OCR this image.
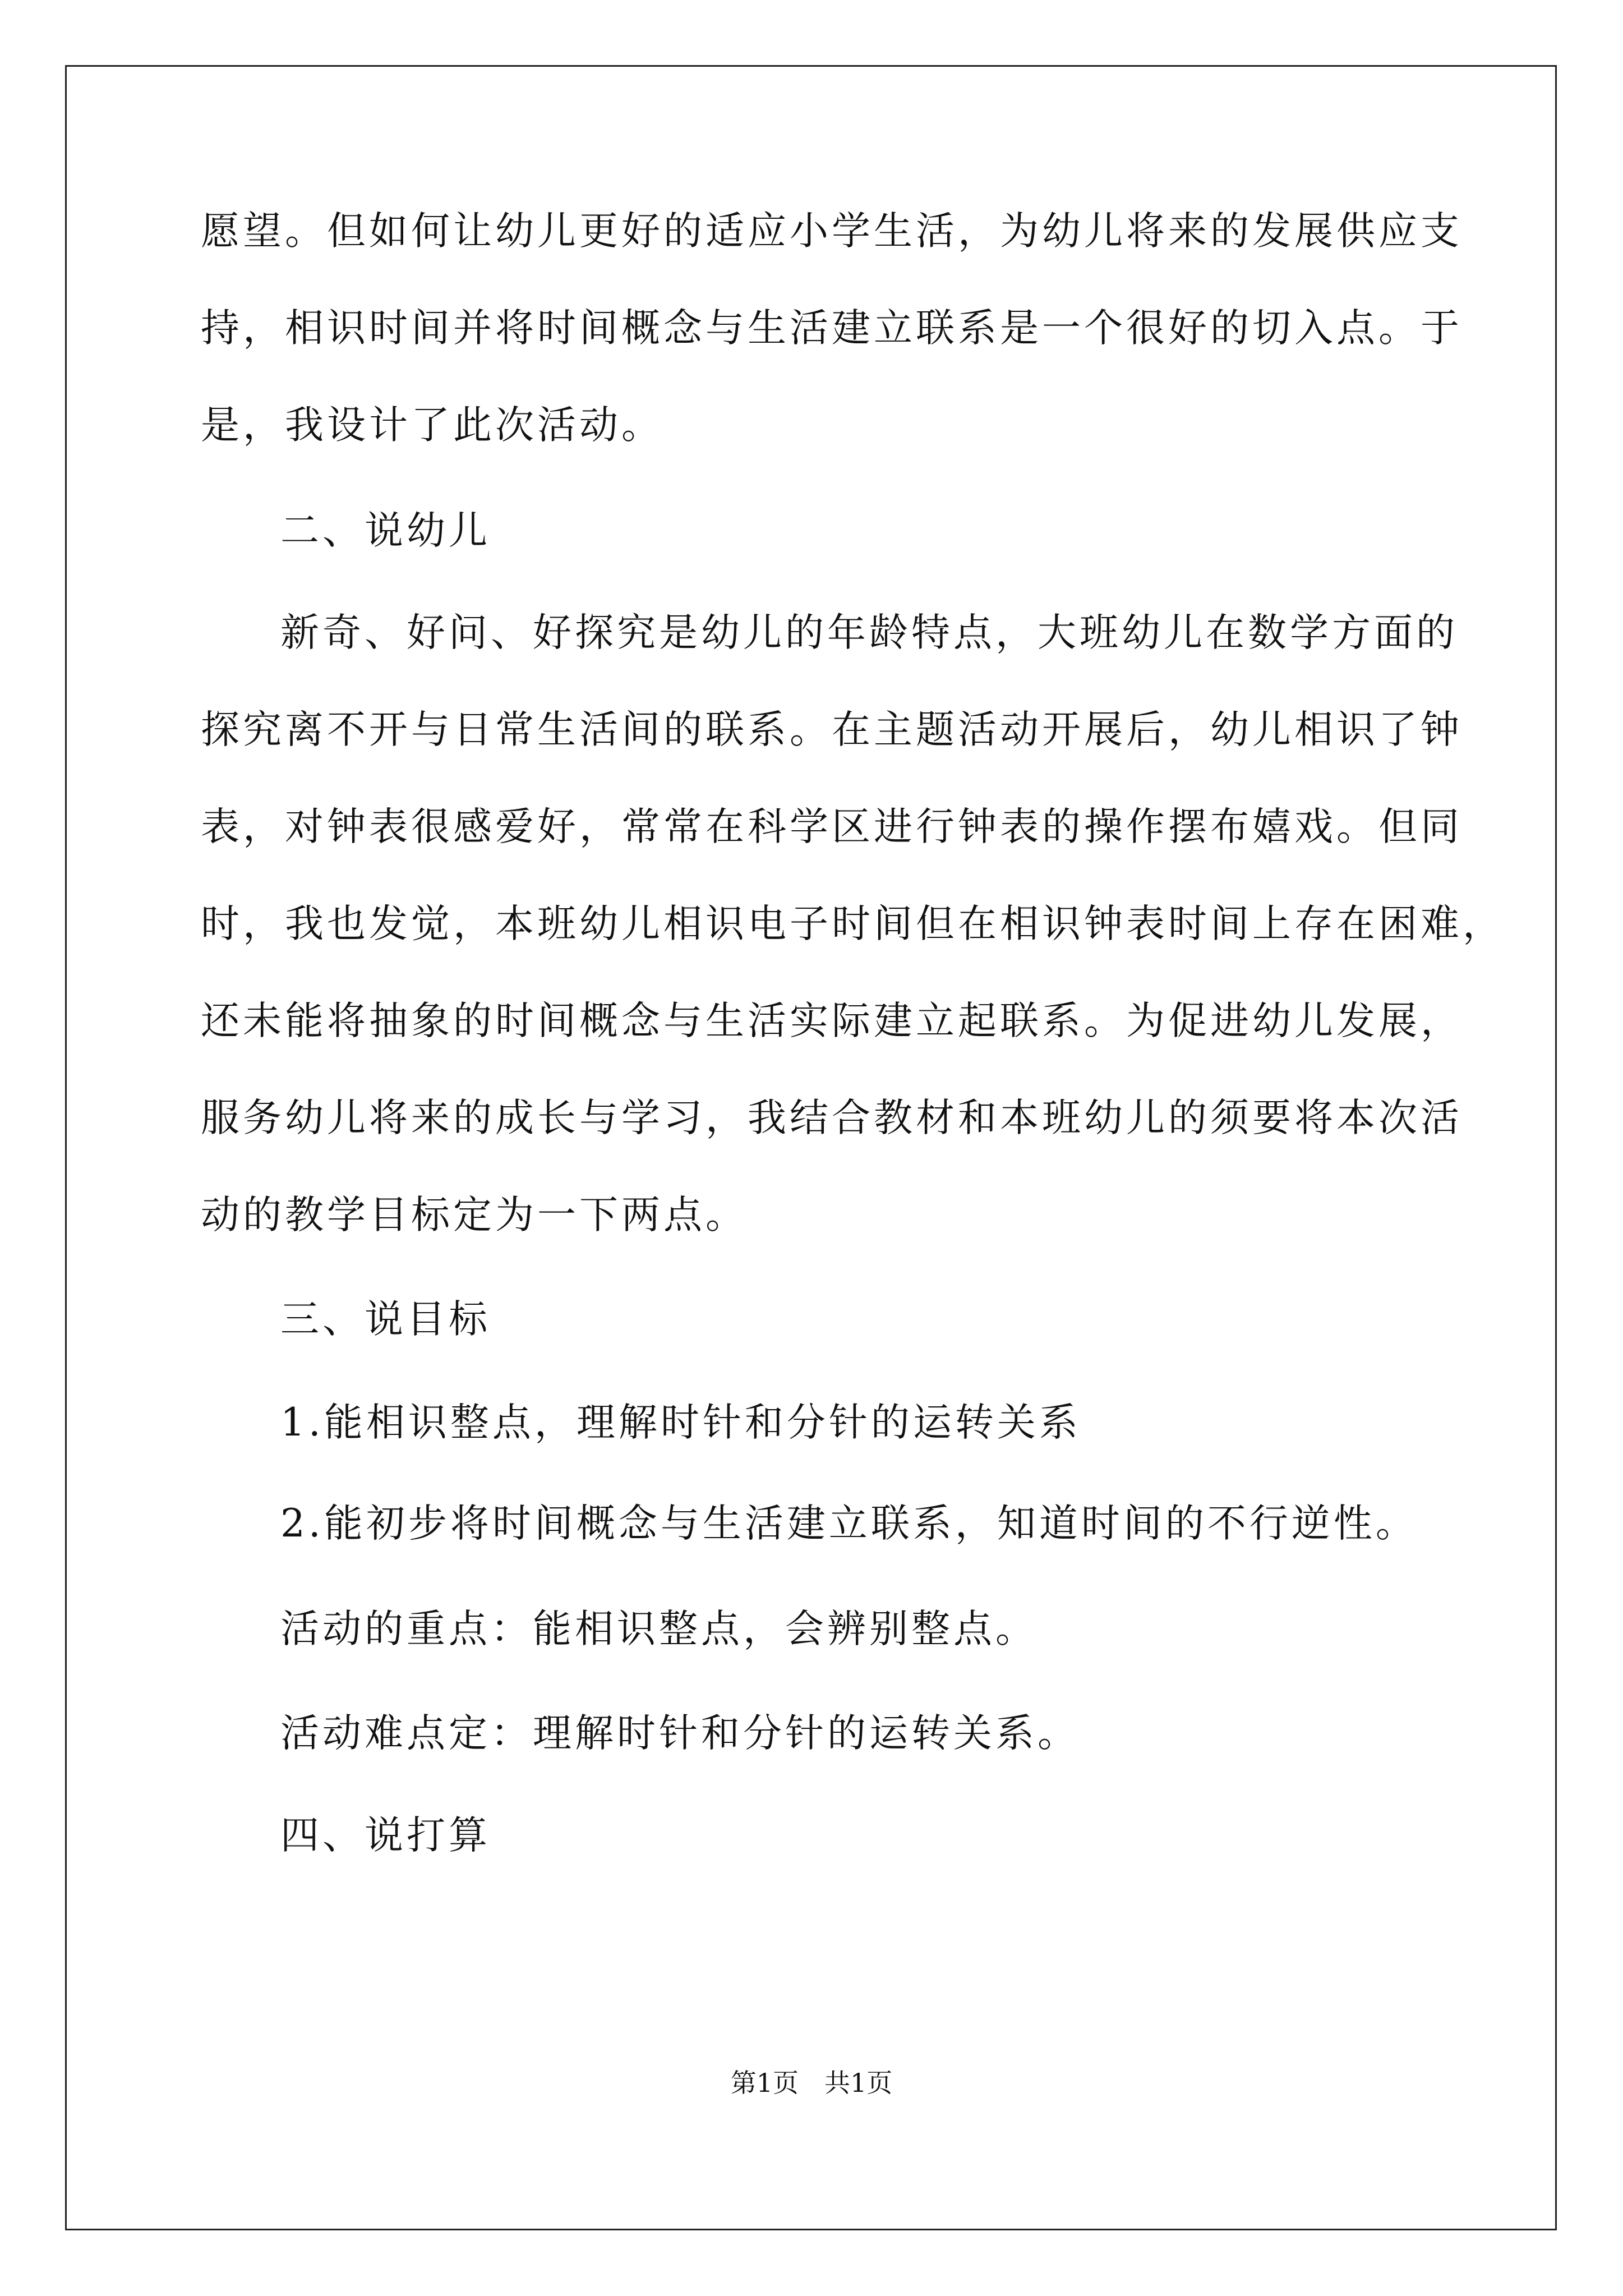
愿望。但如何让幼儿更好的适应小学生活，为幼儿将来的发展供应支
持，相识时间并将时间概念与生活建立联系是一个很好的切入点。于
是，我设计了此次活动。
二、说幼儿
新奇、好问、好探究是幼儿的年龄特点，大班幼儿在数学方面的
探究离不开与日常生活间的联系。在主题活动开展后，幼儿相识了钟
表，对钟表很感爱好，常常在科学区进行钟表的操作摆布嬉戏。但同
时，我也发觉，本班幼儿相识电子时间但在相识钟表时间上存在困难，
还未能将抽象的时间概念与生活实际建立起联系。为促进幼儿发展，
服务幼儿将来的成长与学习，我结合教材和本班幼儿的须要将本次活
动的教学目标定为一下两点。
三、说目标
1.能相识整点，理解时针和分针的运转关系
2.能初步将时间概念与生活建立联系，知道时间的不行逆性。
活动的重点：能相识整点，会辨别整点。
活动难点定：理解时针和分针的运转关系。
四、说打算
第1页　共1页
